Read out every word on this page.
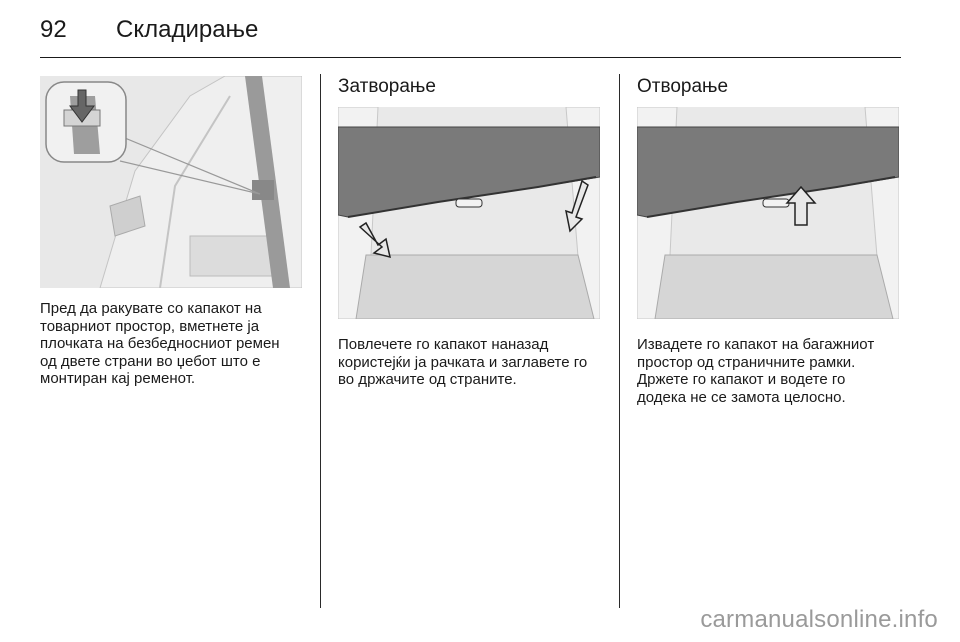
92 Складирање

Пред да ракувате со капакот на
товарниот простор, вметнете ја
плочката на безбедносниот ремен
од двете страни во џебот што е
монтиран кај ременот.

Затворање

Повлечете го капакот наназад
користејќи ја рачката и заглавете го
во држачите од страните.

Отворање

Извадете го капакот на багажниот
простор од страничните рамки.
Држете го капакот и водете го
додека не се замота целосно.

carmanualsonline.info
